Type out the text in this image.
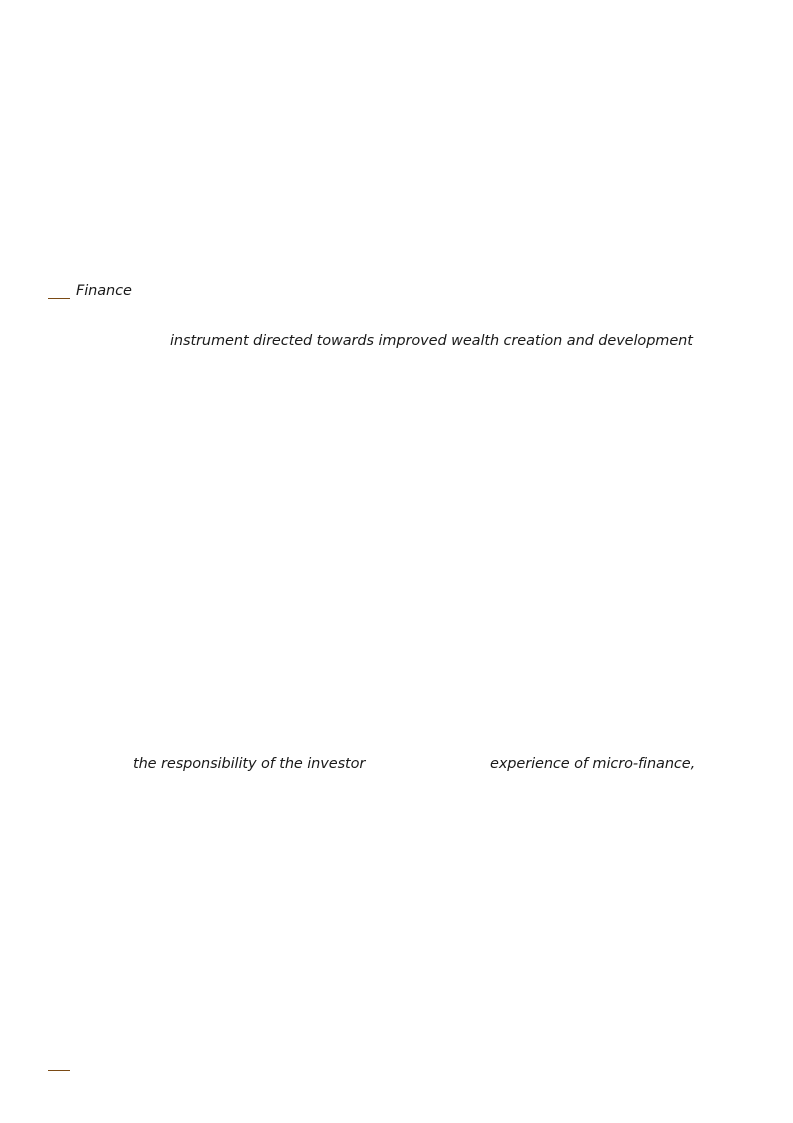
Finance

instrument directed towards improved wealth creation and development

the responsibility of the investor	experience of micro-finance,
